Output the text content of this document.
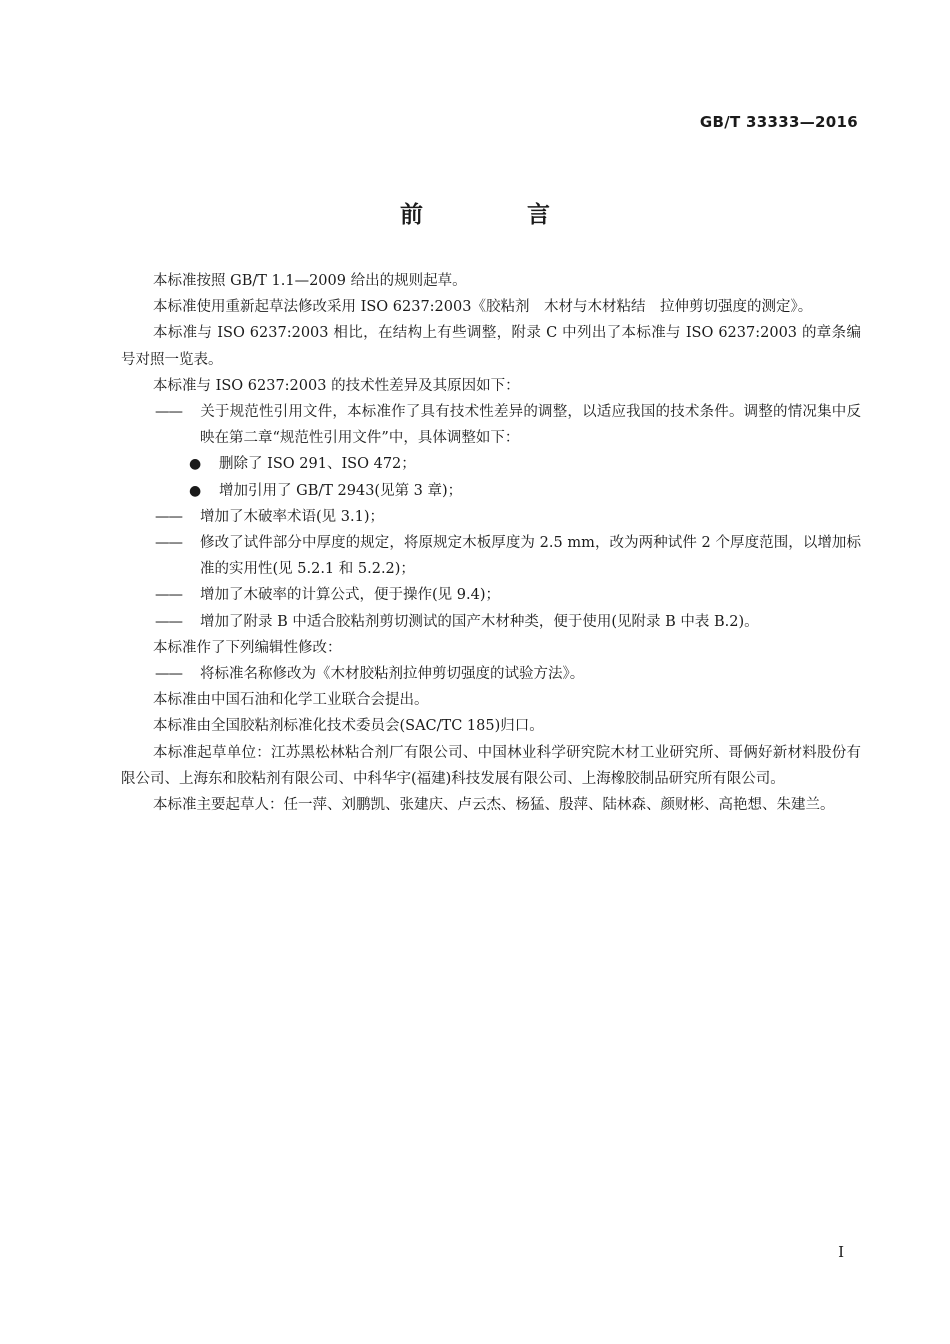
GB/T 33333—2016
前 言

本标准按照 GB/T 1.1—2009 给出的规则起草。

本标准使用重新起草法修改采用 ISO 6237:2003《胶粘剂　木材与木材粘结　拉伸剪切强度的测定》。

本标准与 ISO 6237:2003 相比，在结构上有些调整，附录 C 中列出了本标准与 ISO 6237:2003 的章条编号对照一览表。

本标准与 ISO 6237:2003 的技术性差异及其原因如下：

—— 关于规范性引用文件，本标准作了具有技术性差异的调整，以适应我国的技术条件。调整的情况集中反映在第二章“规范性引用文件”中，具体调整如下：

● 删除了 ISO 291、ISO 472；

● 增加引用了 GB/T 2943(见第 3 章)；

—— 增加了木破率术语(见 3.1)；

—— 修改了试件部分中厚度的规定，将原规定木板厚度为 2.5 mm，改为两种试件 2 个厚度范围，以增加标准的实用性(见 5.2.1 和 5.2.2)；

—— 增加了木破率的计算公式，便于操作(见 9.4)；

—— 增加了附录 B 中适合胶粘剂剪切测试的国产木材种类，便于使用(见附录 B 中表 B.2)。

本标准作了下列编辑性修改：

—— 将标准名称修改为《木材胶粘剂拉伸剪切强度的试验方法》。

本标准由中国石油和化学工业联合会提出。

本标准由全国胶粘剂标准化技术委员会(SAC/TC 185)归口。

本标准起草单位：江苏黑松林粘合剂厂有限公司、中国林业科学研究院木材工业研究所、哥俩好新材料股份有限公司、上海东和胶粘剂有限公司、中科华宇(福建)科技发展有限公司、上海橡胶制品研究所有限公司。

本标准主要起草人：任一萍、刘鹏凯、张建庆、卢云杰、杨猛、殷萍、陆林森、颜财彬、高艳想、朱建兰。

I
